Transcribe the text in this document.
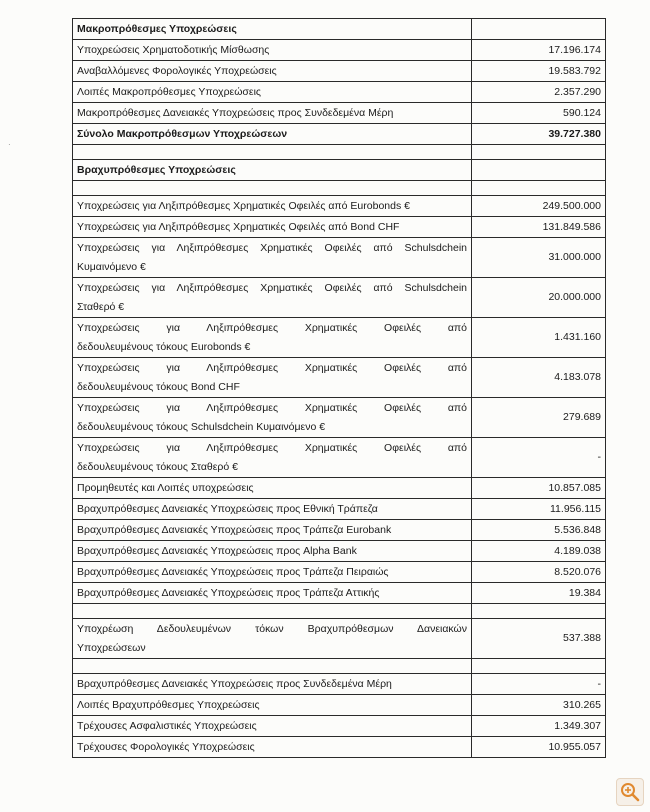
·
Μακροπρόθεσμες Υποχρεώσεις	
Υποχρεώσεις Χρηματοδοτικής Μίσθωσης	17.196.174
Αναβαλλόμενες Φορολογικές Υποχρεώσεις	19.583.792
Λοιπές Μακροπρόθεσμες Υποχρεώσεις	2.357.290
Μακροπρόθεσμες Δανειακές Υποχρεώσεις προς Συνδεδεμένα Μέρη	590.124
Σύνολο Μακροπρόθεσμων Υποχρεώσεων	39.727.380

Βραχυπρόθεσμες Υποχρεώσεις	

Υποχρεώσεις για Ληξιπρόθεσμες Χρηματικές Οφειλές από Eurobonds €	249.500.000
Υποχρεώσεις για Ληξιπρόθεσμες Χρηματικές Οφειλές από Bond CHF	131.849.586

Υποχρεώσεις για Ληξιπρόθεσμες Χρηματικές Οφειλές από Schulsdchein
Κυμαινόμενο €	31.000.000

Υποχρεώσεις για Ληξιπρόθεσμες Χρηματικές Οφειλές από Schulsdchein
Σταθερό €	20.000.000

Υποχρεώσεις για Ληξιπρόθεσμες Χρηματικές Οφειλές από
δεδουλευμένους τόκους Eurobonds €	1.431.160

Υποχρεώσεις για Ληξιπρόθεσμες Χρηματικές Οφειλές από
δεδουλευμένους τόκους Bond CHF	4.183.078

Υποχρεώσεις για Ληξιπρόθεσμες Χρηματικές Οφειλές από
δεδουλευμένους τόκους Schulsdchein Κυμαινόμενο €	279.689

Υποχρεώσεις για Ληξιπρόθεσμες Χρηματικές Οφειλές από
δεδουλευμένους τόκους Σταθερό €	-
Προμηθευτές και Λοιπές υποχρεώσεις	10.857.085
Βραχυπρόθεσμες Δανειακές Υποχρεώσεις προς Εθνική Τράπεζα	11.956.115
Βραχυπρόθεσμες Δανειακές Υποχρεώσεις προς Τράπεζα Eurobank	5.536.848
Βραχυπρόθεσμες Δανειακές Υποχρεώσεις προς Alpha Bank	4.189.038
Βραχυπρόθεσμες Δανειακές Υποχρεώσεις προς Τράπεζα Πειραιώς	8.520.076
Βραχυπρόθεσμες Δανειακές Υποχρεώσεις προς Τράπεζα Αττικής	19.384

Υποχρέωση Δεδουλευμένων τόκων Βραχυπρόθεσμων Δανειακών
Υποχρεώσεων	537.388

Βραχυπρόθεσμες Δανειακές Υποχρεώσεις προς Συνδεδεμένα Μέρη	-
Λοιπές Βραχυπρόθεσμες Υποχρεώσεις	310.265
Τρέχουσες Ασφαλιστικές Υποχρεώσεις	1.349.307
Τρέχουσες Φορολογικές Υποχρεώσεις	10.955.057
